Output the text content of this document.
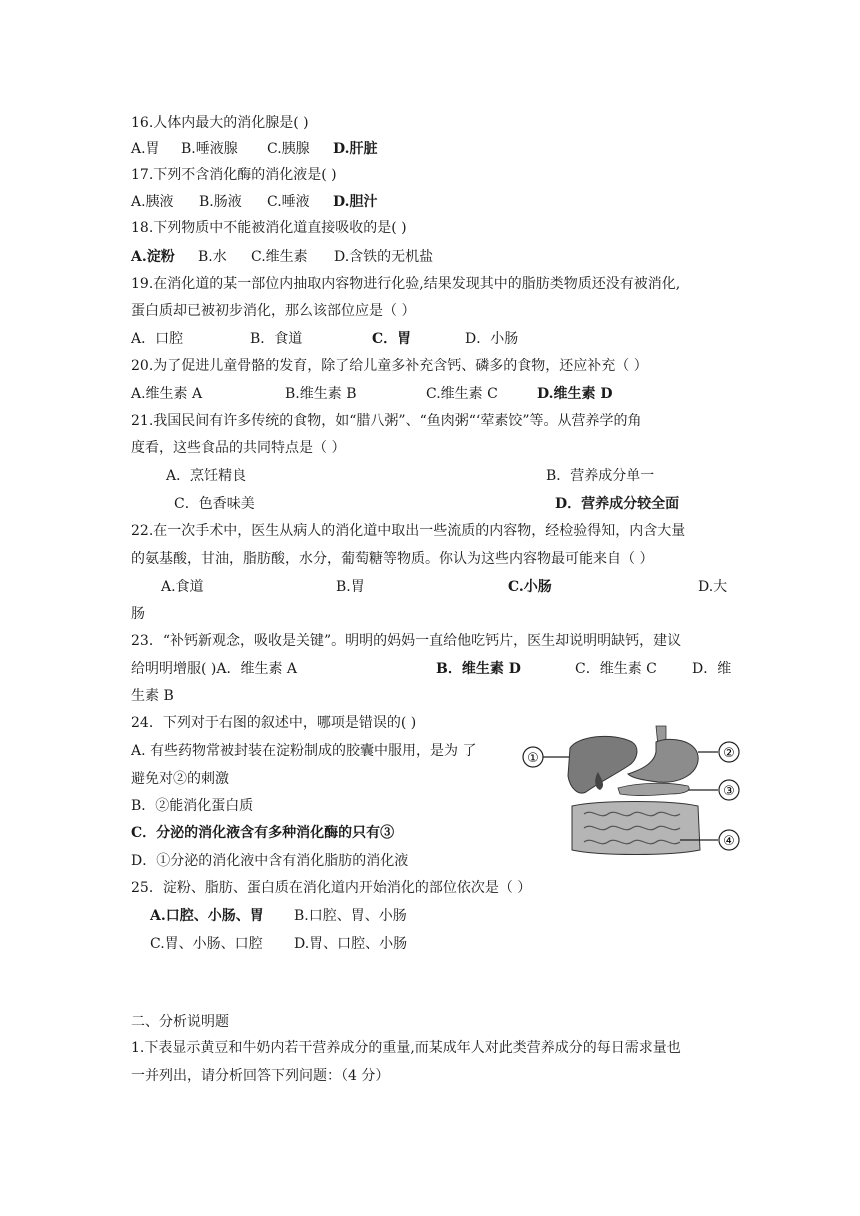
16.人体内最大的消化腺是( )
A.胃 B.唾液腺 C.胰腺 D.肝脏
17.下列不含消化酶的消化液是( )
A.胰液 B.肠液 C.唾液 D.胆汁
18.下列物质中不能被消化道直接吸收的是( )
A.淀粉 B.水 C.维生素 D.含铁的无机盐
19.在消化道的某一部位内抽取内容物进行化验,结果发现其中的脂肪类物质还没有被消化,
蛋白质却已被初步消化，那么该部位应是（ ）
A．口腔	B．食道	C．胃	D．小肠
20.为了促进儿童骨骼的发育，除了给儿童多补充含钙、磷多的食物，还应补充（ ）
A.维生素 A	B.维生素 B	C.维生素 C	D.维生素 D
21.我国民间有许多传统的食物，如“腊八粥”、“鱼肉粥“‘荤素饺”等。从营养学的角
度看，这些食品的共同特点是（ ）
A．烹饪精良	B．营养成分单一
C．色香味美	D．营养成分较全面
22.在一次手术中，医生从病人的消化道中取出一些流质的内容物，经检验得知，内含大量
的氨基酸，甘油，脂肪酸，水分，葡萄糖等物质。你认为这些内容物最可能来自（ ）
A.食道	B.胃	C.小肠	D.大
肠
23．“补钙新观念，吸收是关键”。明明的妈妈一直给他吃钙片，医生却说明明缺钙，建议
给明明增服( )A．维生素 A	B．维生素 D	C．维生素 C	D．维
生素 B
24．下列对于右图的叙述中，哪项是错误的( )
A. 有些药物常被封装在淀粉制成的胶囊中服用，是为 了
避免对②的刺激
B．②能消化蛋白质
C．分泌的消化液含有多种消化酶的只有③
D．①分泌的消化液中含有消化脂肪的消化液
①	②
③
④
25．淀粉、脂肪、蛋白质在消化道内开始消化的部位依次是（ ）
A.口腔、小肠、胃 B.口腔、胃、小肠
C.胃、小肠、口腔 D.胃、口腔、小肠
二、分析说明题
1.下表显示黄豆和牛奶内若干营养成分的重量,而某成年人对此类营养成分的每日需求量也
一并列出，请分析回答下列问题：（4 分）
